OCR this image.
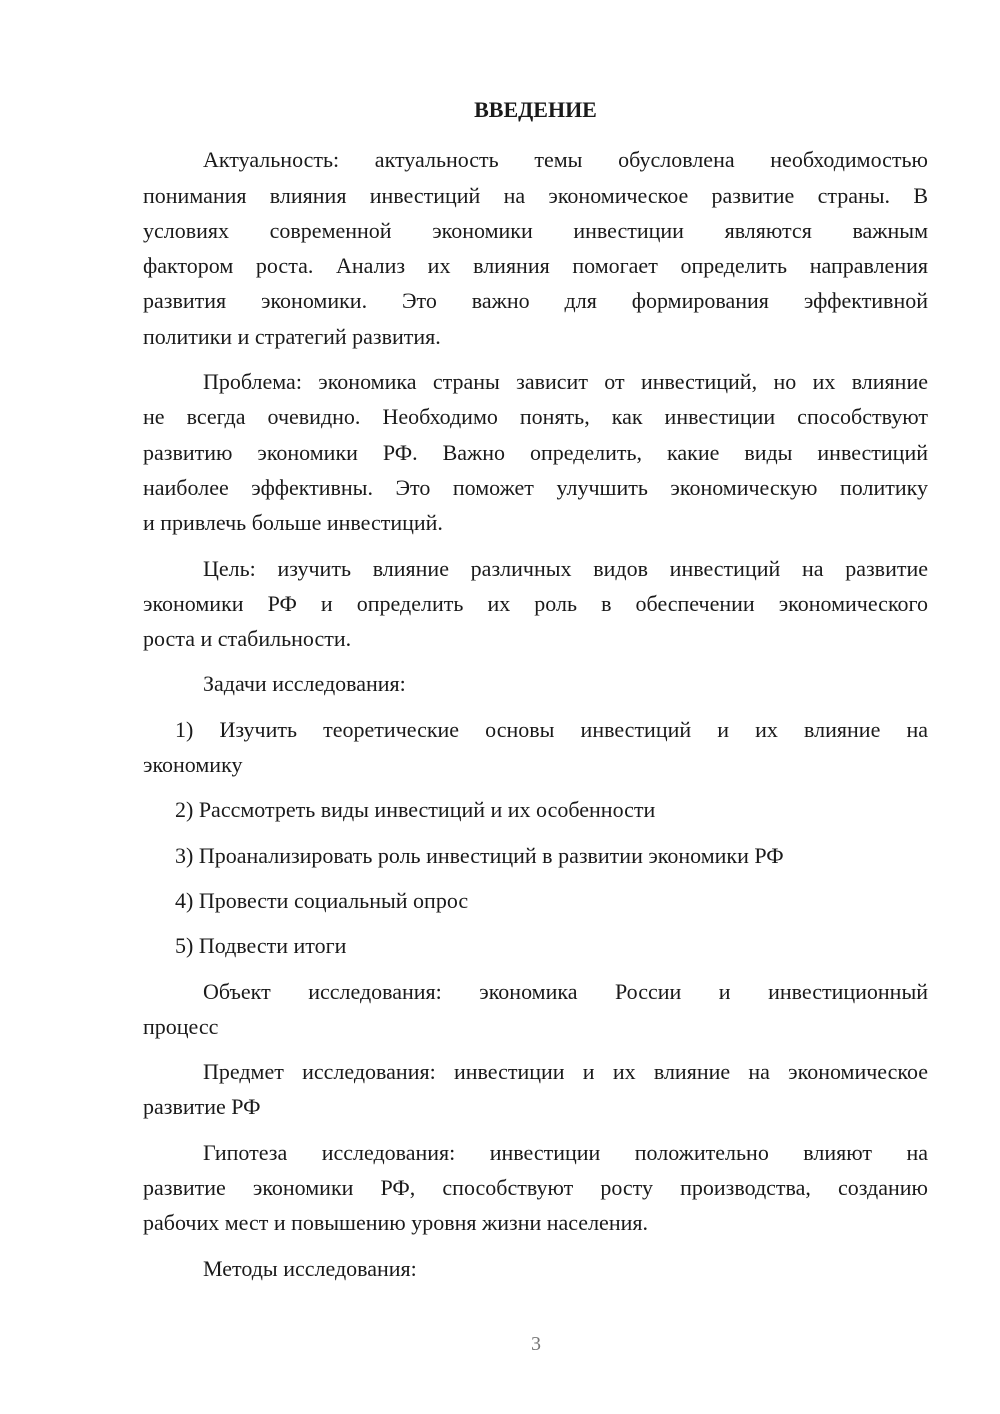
ВВЕДЕНИЕ
Актуальность: актуальность темы обусловлена необходимостью
понимания влияния инвестиций на экономическое развитие страны. В
условиях современной экономики инвестиции являются важным
фактором роста. Анализ их влияния помогает определить направления
развития экономики. Это важно для формирования эффективной
политики и стратегий развития.
Проблема: экономика страны зависит от инвестиций, но их влияние
не всегда очевидно. Необходимо понять, как инвестиции способствуют
развитию экономики РФ. Важно определить, какие виды инвестиций
наиболее эффективны. Это поможет улучшить экономическую политику
и привлечь больше инвестиций.
Цель: изучить влияние различных видов инвестиций на развитие
экономики РФ и определить их роль в обеспечении экономического
роста и стабильности.
Задачи исследования:
1) Изучить теоретические основы инвестиций и их влияние на
экономику
2) Рассмотреть виды инвестиций и их особенности
3) Проанализировать роль инвестиций в развитии экономики РФ
4) Провести социальный опрос
5) Подвести итоги
Объект исследования: экономика России и инвестиционный
процесс
Предмет исследования: инвестиции и их влияние на экономическое
развитие РФ
Гипотеза исследования: инвестиции положительно влияют на
развитие экономики РФ, способствуют росту производства, созданию
рабочих мест и повышению уровня жизни населения.
Методы исследования:
3
